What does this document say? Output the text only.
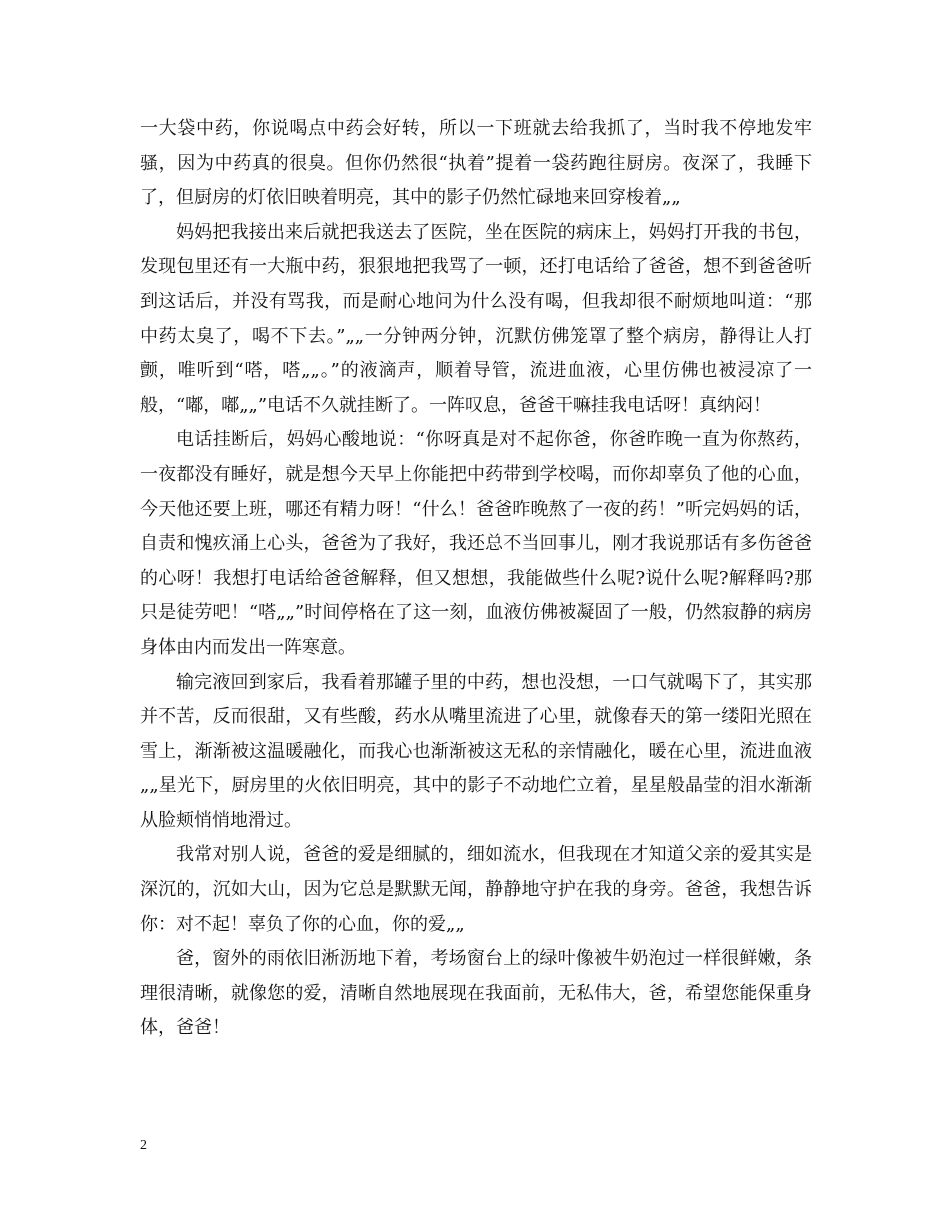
一大袋中药，你说喝点中药会好转，所以一下班就去给我抓了，当时我不停地发牢骚，因为中药真的很臭。但你仍然很“执着”提着一袋药跑往厨房。夜深了，我睡下了，但厨房的灯依旧映着明亮，其中的影子仍然忙碌地来回穿梭着„„

妈妈把我接出来后就把我送去了医院，坐在医院的病床上，妈妈打开我的书包，发现包里还有一大瓶中药，狠狠地把我骂了一顿，还打电话给了爸爸，想不到爸爸听到这话后，并没有骂我，而是耐心地问为什么没有喝，但我却很不耐烦地叫道：“那中药太臭了，喝不下去。”„„一分钟两分钟，沉默仿佛笼罩了整个病房，静得让人打颤，唯听到“嗒，嗒„„。”的液滴声，顺着导管，流进血液，心里仿佛也被浸凉了一般，“嘟，嘟„„”电话不久就挂断了。一阵叹息，爸爸干嘛挂我电话呀！真纳闷！

电话挂断后，妈妈心酸地说：“你呀真是对不起你爸，你爸昨晚一直为你熬药，一夜都没有睡好，就是想今天早上你能把中药带到学校喝，而你却辜负了他的心血，今天他还要上班，哪还有精力呀！“什么！爸爸昨晚熬了一夜的药！”听完妈妈的话，自责和愧疚涌上心头，爸爸为了我好，我还总不当回事儿，刚才我说那话有多伤爸爸的心呀！我想打电话给爸爸解释，但又想想，我能做些什么呢?说什么呢?解释吗?那只是徒劳吧！“嗒„„”时间停格在了这一刻，血液仿佛被凝固了一般，仍然寂静的病房身体由内而发出一阵寒意。

输完液回到家后，我看着那罐子里的中药，想也没想，一口气就喝下了，其实那并不苦，反而很甜，又有些酸，药水从嘴里流进了心里，就像春天的第一缕阳光照在雪上，渐渐被这温暖融化，而我心也渐渐被这无私的亲情融化，暖在心里，流进血液„„星光下，厨房里的火依旧明亮，其中的影子不动地伫立着，星星般晶莹的泪水渐渐从脸颊悄悄地滑过。

我常对别人说，爸爸的爱是细腻的，细如流水，但我现在才知道父亲的爱其实是深沉的，沉如大山，因为它总是默默无闻，静静地守护在我的身旁。爸爸，我想告诉你：对不起！辜负了你的心血，你的爱„„

爸，窗外的雨依旧淅沥地下着，考场窗台上的绿叶像被牛奶泡过一样很鲜嫩，条理很清晰，就像您的爱，清晰自然地展现在我面前，无私伟大，爸，希望您能保重身体，爸爸！

2
